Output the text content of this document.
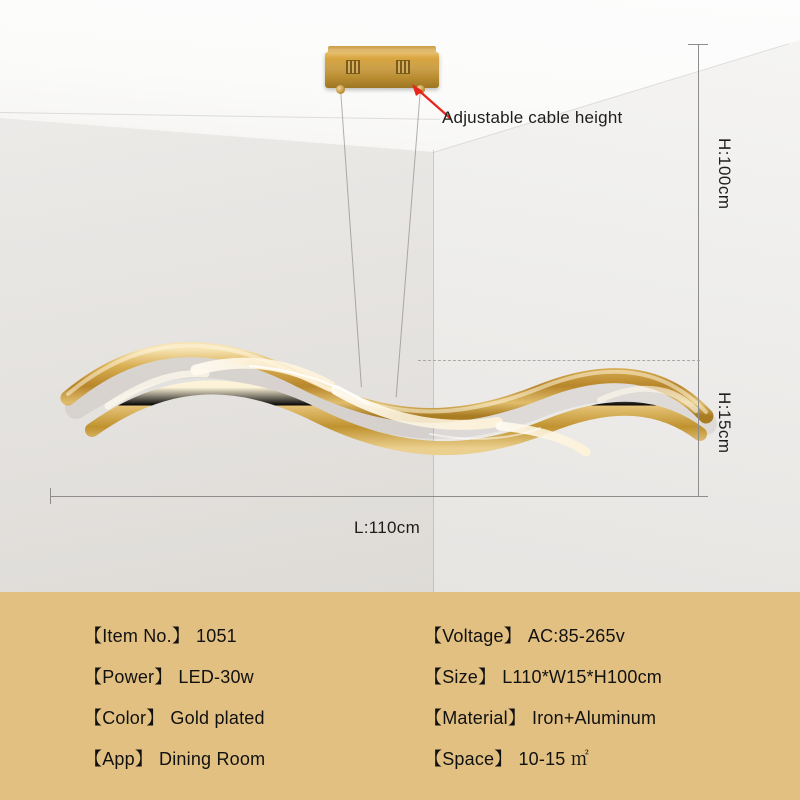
Adjustable cable height
H:100cm
H:15cm
L:110cm
【Item No.】 1051	【Voltage】 AC:85-265v
【Power】 LED-30w	【Size】 L110*W15*H100cm
【Color】 Gold plated	【Material】 Iron+Aluminum
【App】 Dining Room	【Space】 10-15 ㎡
